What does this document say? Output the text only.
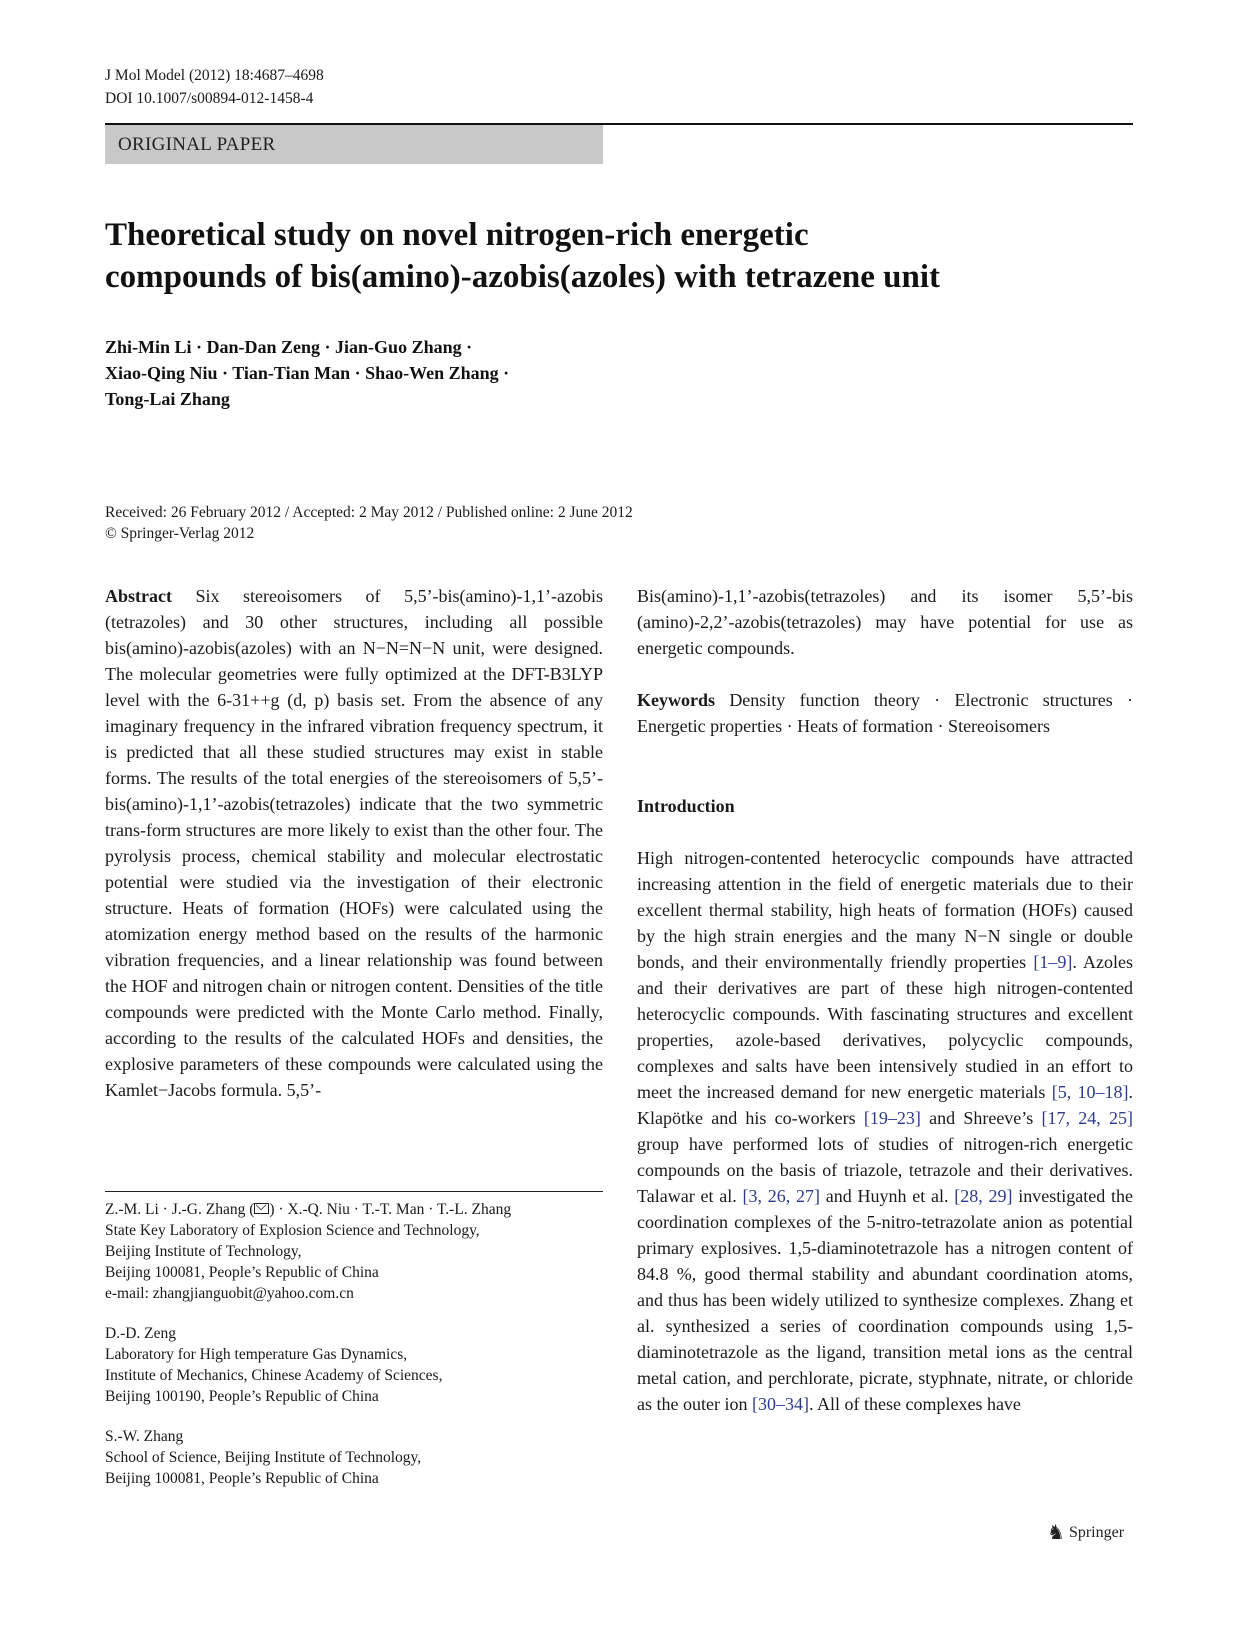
J Mol Model (2012) 18:4687–4698
DOI 10.1007/s00894-012-1458-4
ORIGINAL PAPER
Theoretical study on novel nitrogen-rich energetic
compounds of bis(amino)-azobis(azoles) with tetrazene unit
Zhi-Min Li · Dan-Dan Zeng · Jian-Guo Zhang ·
Xiao-Qing Niu · Tian-Tian Man · Shao-Wen Zhang ·
Tong-Lai Zhang
Received: 26 February 2012 / Accepted: 2 May 2012 / Published online: 2 June 2012
© Springer-Verlag 2012

Abstract Six stereoisomers of 5,5’-bis(amino)-1,1’-azobis (tetrazoles) and 30 other structures, including all possible bis(amino)-azobis(azoles) with an N−N=N−N unit, were designed. The molecular geometries were fully optimized at the DFT-B3LYP level with the 6-31++g (d, p) basis set. From the absence of any imaginary frequency in the infrared vibration frequency spectrum, it is predicted that all these studied structures may exist in stable forms. The results of the total energies of the stereoisomers of 5,5’-bis(amino)-1,1’-azobis(tetrazoles) indicate that the two symmetric trans-form structures are more likely to exist than the other four. The pyrolysis process, chemical stability and molecular electrostatic potential were studied via the investigation of their electronic structure. Heats of formation (HOFs) were calculated using the atomization energy method based on the results of the harmonic vibration frequencies, and a linear relationship was found between the HOF and nitrogen chain or nitrogen content. Densities of the title compounds were predicted with the Monte Carlo method. Finally, according to the results of the calculated HOFs and densities, the explosive parameters of these compounds were calculated using the Kamlet−Jacobs formula. 5,5’-

Z.-M. Li · J.-G. Zhang ( ) · X.-Q. Niu · T.-T. Man · T.-L. Zhang
State Key Laboratory of Explosion Science and Technology,
Beijing Institute of Technology,
Beijing 100081, People’s Republic of China
e-mail: zhangjianguobit@yahoo.com.cn

D.-D. Zeng
Laboratory for High temperature Gas Dynamics,
Institute of Mechanics, Chinese Academy of Sciences,
Beijing 100190, People’s Republic of China

S.-W. Zhang
School of Science, Beijing Institute of Technology,
Beijing 100081, People’s Republic of China

Bis(amino)-1,1’-azobis(tetrazoles) and its isomer 5,5’-bis (amino)-2,2’-azobis(tetrazoles) may have potential for use as energetic compounds.

Keywords Density function theory · Electronic structures · Energetic properties · Heats of formation · Stereoisomers

Introduction

High nitrogen-contented heterocyclic compounds have attracted increasing attention in the field of energetic materials due to their excellent thermal stability, high heats of formation (HOFs) caused by the high strain energies and the many N−N single or double bonds, and their environmentally friendly properties [1–9]. Azoles and their derivatives are part of these high nitrogen-contented heterocyclic compounds. With fascinating structures and excellent properties, azole-based derivatives, polycyclic compounds, complexes and salts have been intensively studied in an effort to meet the increased demand for new energetic materials [5, 10–18]. Klapötke and his co-workers [19–23] and Shreeve’s [17, 24, 25] group have performed lots of studies of nitrogen-rich energetic compounds on the basis of triazole, tetrazole and their derivatives. Talawar et al. [3, 26, 27] and Huynh et al. [28, 29] investigated the coordination complexes of the 5-nitro-tetrazolate anion as potential primary explosives. 1,5-diaminotetrazole has a nitrogen content of 84.8 %, good thermal stability and abundant coordination atoms, and thus has been widely utilized to synthesize complexes. Zhang et al. synthesized a series of coordination compounds using 1,5-diaminotetrazole as the ligand, transition metal ions as the central metal cation, and perchlorate, picrate, styphnate, nitrate, or chloride as the outer ion [30–34]. All of these complexes have

♞ Springer
